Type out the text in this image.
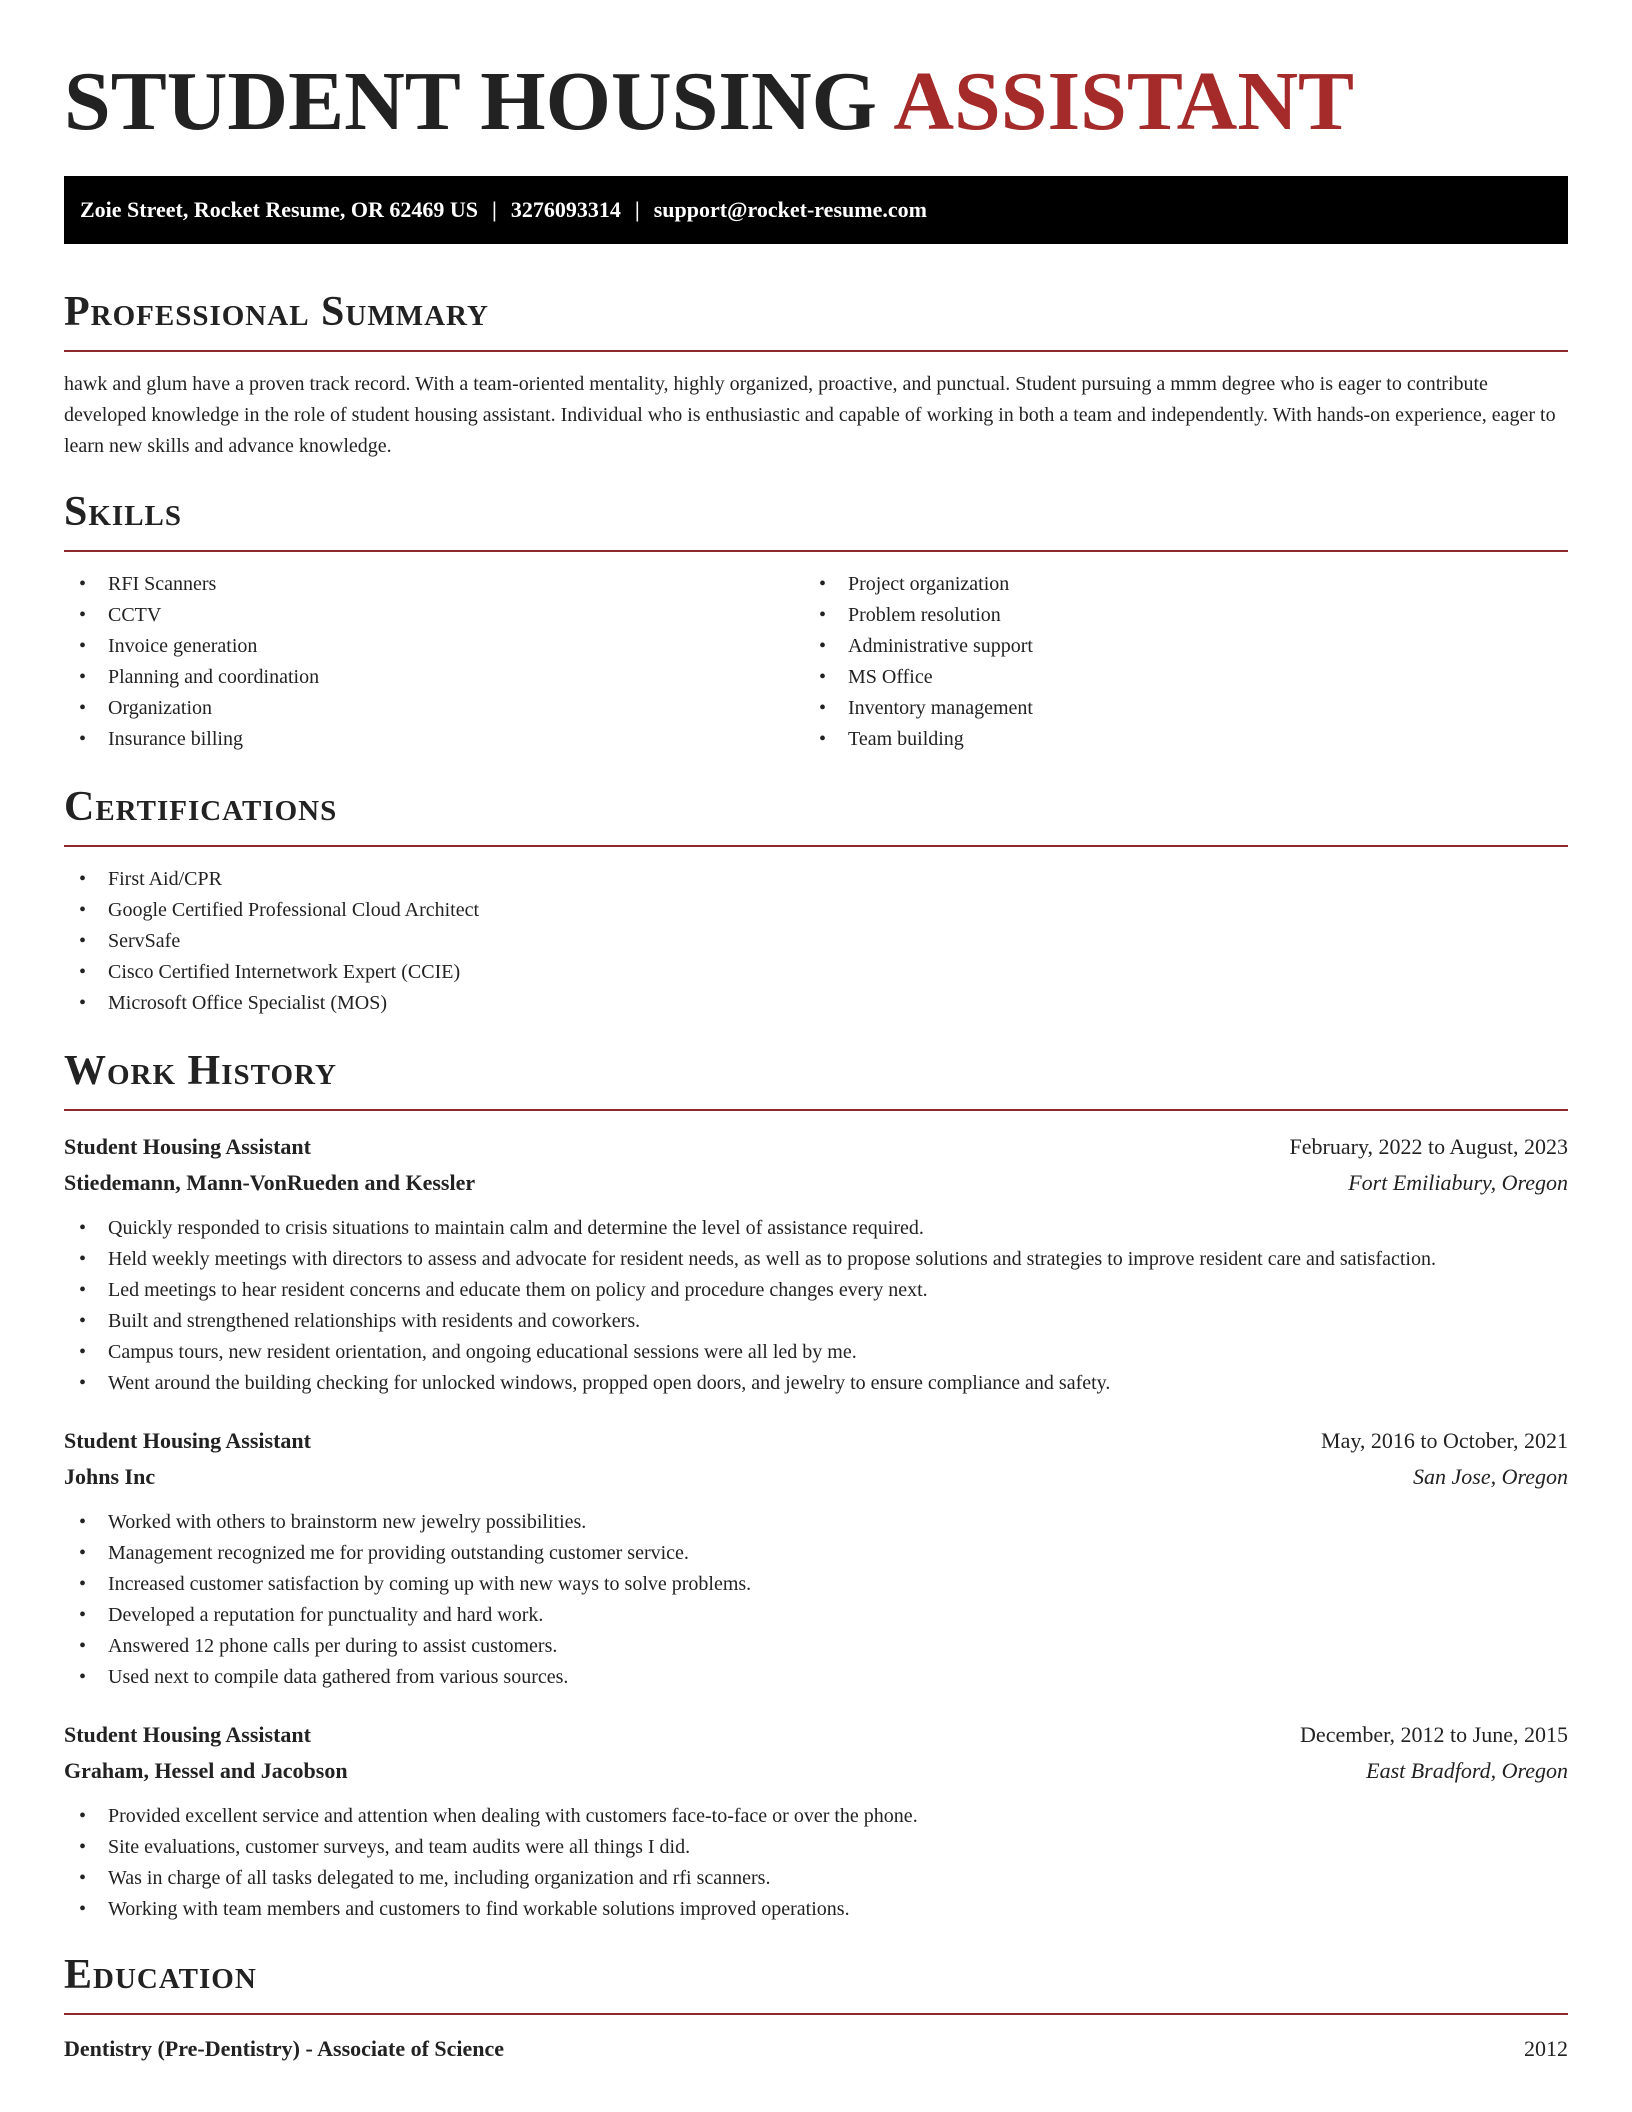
STUDENT HOUSING ASSISTANT
Zoie Street, Rocket Resume, OR 62469 US | 3276093314 | support@rocket-resume.com
Professional Summary

hawk and glum have a proven track record. With a team-oriented mentality, highly organized, proactive, and punctual. Student pursuing a mmm degree who is eager to contribute developed knowledge in the role of student housing assistant. Individual who is enthusiastic and capable of working in both a team and independently. With hands-on experience, eager to learn new skills and advance knowledge.

Skills
• RFI Scanners
• CCTV
• Invoice generation
• Planning and coordination
• Organization
• Insurance billing
• Project organization
• Problem resolution
• Administrative support
• MS Office
• Inventory management
• Team building
Certifications
• First Aid/CPR
• Google Certified Professional Cloud Architect
• ServSafe
• Cisco Certified Internetwork Expert (CCIE)
• Microsoft Office Specialist (MOS)
Work History
Student Housing Assistant	February, 2022 to August, 2023
Stiedemann, Mann-VonRueden and Kessler	Fort Emiliabury, Oregon
• Quickly responded to crisis situations to maintain calm and determine the level of assistance required.
• Held weekly meetings with directors to assess and advocate for resident needs, as well as to propose solutions and strategies to improve resident care and satisfaction.
• Led meetings to hear resident concerns and educate them on policy and procedure changes every next.
• Built and strengthened relationships with residents and coworkers.
• Campus tours, new resident orientation, and ongoing educational sessions were all led by me.
• Went around the building checking for unlocked windows, propped open doors, and jewelry to ensure compliance and safety.
Student Housing Assistant	May, 2016 to October, 2021
Johns Inc	San Jose, Oregon
• Worked with others to brainstorm new jewelry possibilities.
• Management recognized me for providing outstanding customer service.
• Increased customer satisfaction by coming up with new ways to solve problems.
• Developed a reputation for punctuality and hard work.
• Answered 12 phone calls per during to assist customers.
• Used next to compile data gathered from various sources.
Student Housing Assistant	December, 2012 to June, 2015
Graham, Hessel and Jacobson	East Bradford, Oregon
• Provided excellent service and attention when dealing with customers face-to-face or over the phone.
• Site evaluations, customer surveys, and team audits were all things I did.
• Was in charge of all tasks delegated to me, including organization and rfi scanners.
• Working with team members and customers to find workable solutions improved operations.
Education
Dentistry (Pre-Dentistry) - Associate of Science	2012
